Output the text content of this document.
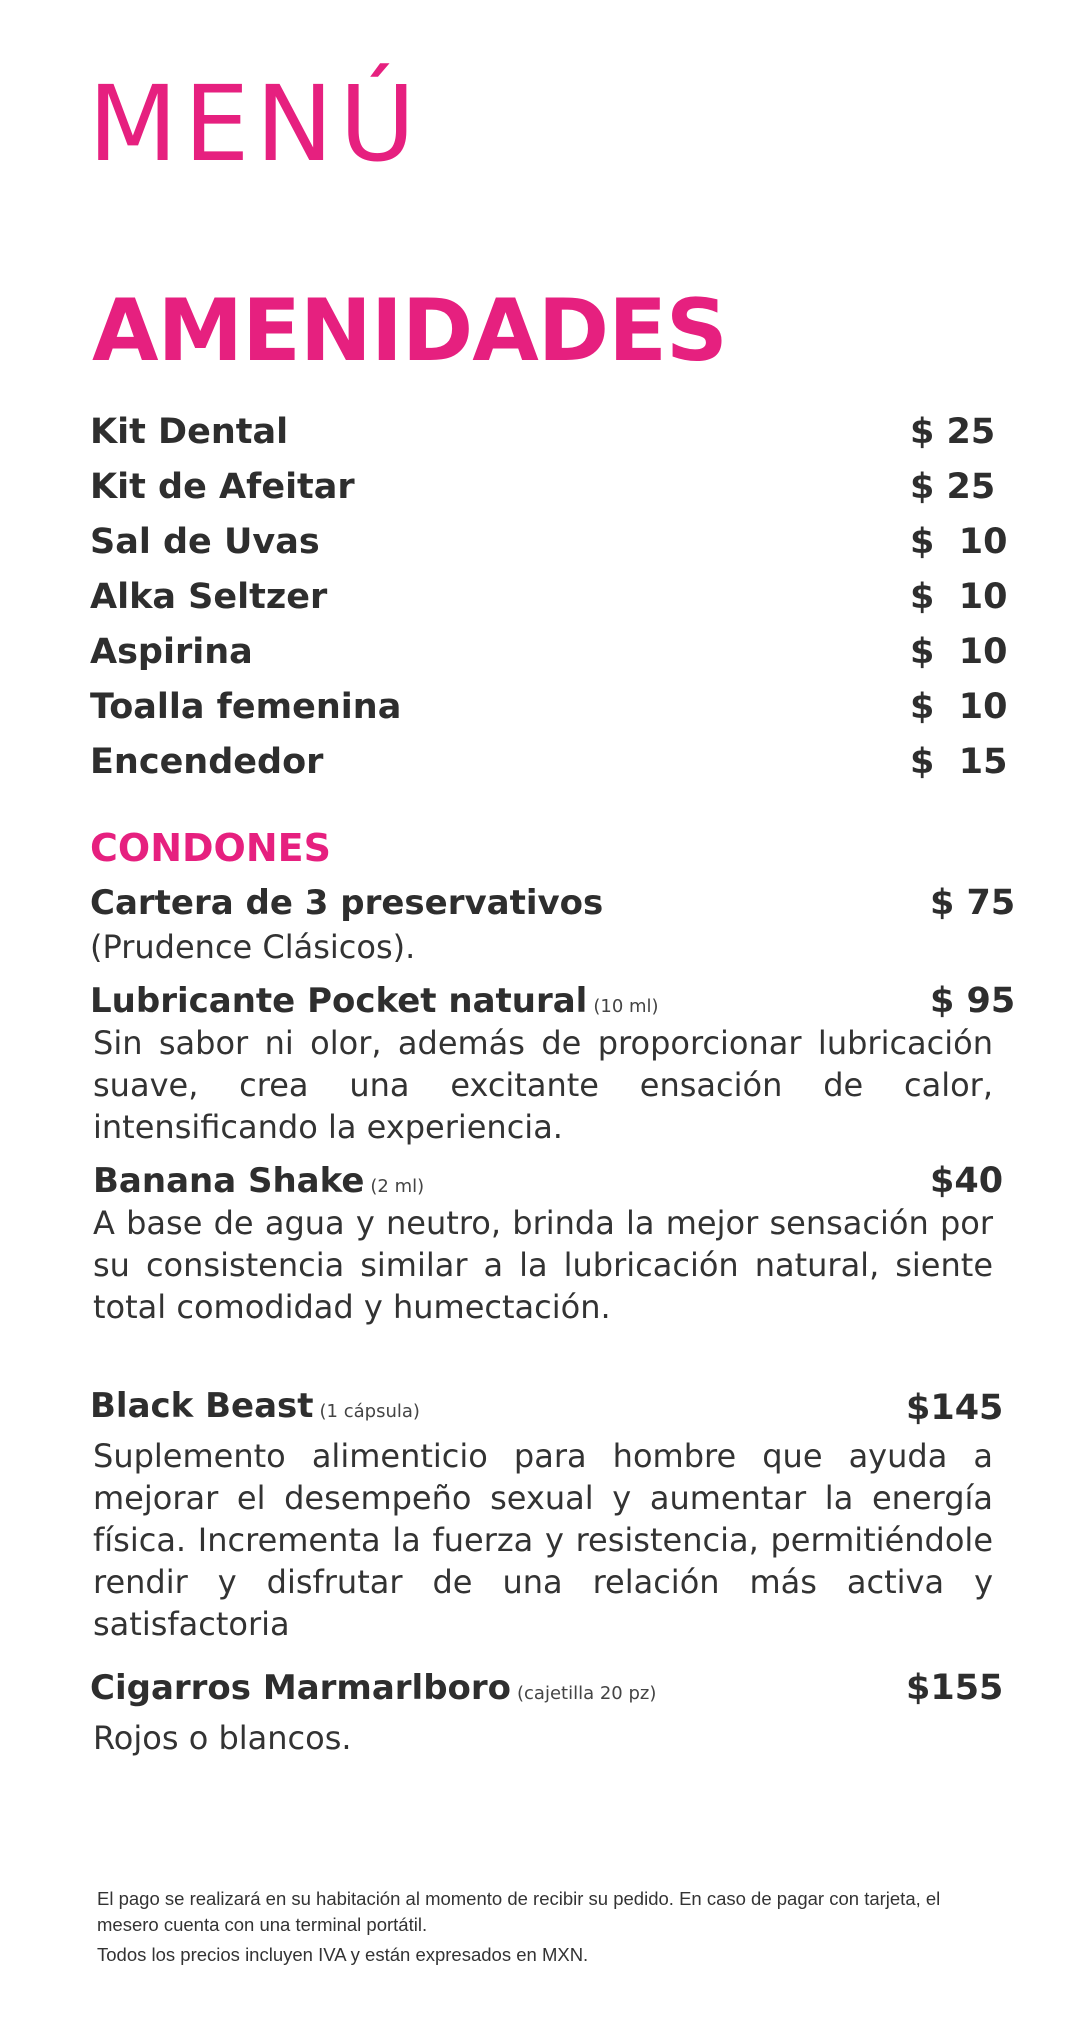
MENÚ
AMENIDADES
Kit Dental	$ 25
Kit de Afeitar	$ 25
Sal de Uvas	$  10
Alka Seltzer	$  10
Aspirina	$  10
Toalla femenina	$  10
Encendedor	$  15
CONDONES
Cartera de 3 preservativos	$ 75
(Prudence Clásicos).
Lubricante Pocket natural (10 ml)	$ 95
Sin sabor ni olor, además de proporcionar lubricación suave, crea una excitante ensación de calor, intensificando la experiencia.
Banana Shake (2 ml)	$40
A base de agua y neutro, brinda la mejor sensación por su consistencia similar a la lubricación natural, siente total comodidad y humectación.
Black Beast (1 cápsula)	$145
Suplemento alimenticio para hombre que ayuda a mejorar el desempeño sexual y aumentar la energía física. Incrementa la fuerza y resistencia, permitiéndole rendir y disfrutar de una relación más activa y satisfactoria
Cigarros Marmarlboro (cajetilla 20 pz)	$155
Rojos o blancos.
El pago se realizará en su habitación al momento de recibir su pedido. En caso de pagar con tarjeta, el mesero cuenta con una terminal portátil.
Todos los precios incluyen IVA y están expresados en MXN.
